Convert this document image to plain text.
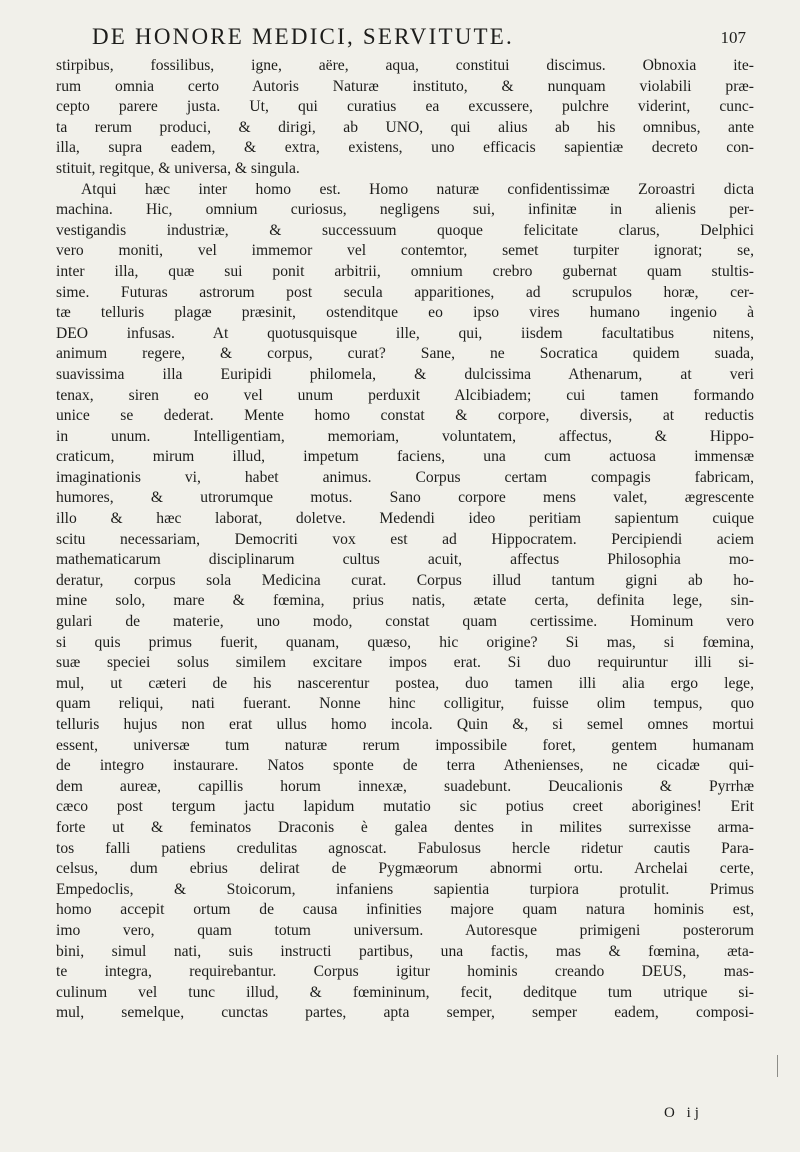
DE HONORE MEDICI, SERVITUTE.	107
stirpibus, fossilibus, igne, aëre, aqua, constitui discimus. Obnoxia ite-
rum omnia certo Autoris Naturæ instituto, & nunquam violabili præ-
cepto parere justa. Ut, qui curatius ea excussere, pulchre viderint, cunc-
ta rerum produci, & dirigi, ab UNO, qui alius ab his omnibus, ante
illa, supra eadem, & extra, existens, uno efficacis sapientiæ decreto con-
stituit, regitque, & universa, & singula.
Atqui hæc inter homo est. Homo naturæ confidentissimæ Zoroastri dicta
machina. Hic, omnium curiosus, negligens sui, infinitæ in alienis per-
vestigandis industriæ, & successuum quoque felicitate clarus, Delphici
vero moniti, vel immemor vel contemtor, semet turpiter ignorat; se,
inter illa, quæ sui ponit arbitrii, omnium crebro gubernat quam stultis-
sime. Futuras astrorum post secula apparitiones, ad scrupulos horæ, cer-
tæ telluris plagæ præsinit, ostenditque eo ipso vires humano ingenio à
DEO infusas. At quotusquisque ille, qui, iisdem facultatibus nitens,
animum regere, & corpus, curat? Sane, ne Socratica quidem suada,
suavissima illa Euripidi philomela, & dulcissima Athenarum, at veri
tenax, siren eo vel unum perduxit Alcibiadem; cui tamen formando
unice se dederat. Mente homo constat & corpore, diversis, at reductis
in unum. Intelligentiam, memoriam, voluntatem, affectus, & Hippo-
craticum, mirum illud, impetum faciens, una cum actuosa immensæ
imaginationis vi, habet animus. Corpus certam compagis fabricam,
humores, & utrorumque motus. Sano corpore mens valet, ægrescente
illo & hæc laborat, doletve. Medendi ideo peritiam sapientum cuique
scitu necessariam, Democriti vox est ad Hippocratem. Percipiendi aciem
mathematicarum disciplinarum cultus acuit, affectus Philosophia mo-
deratur, corpus sola Medicina curat. Corpus illud tantum gigni ab ho-
mine solo, mare & fœmina, prius natis, ætate certa, definita lege, sin-
gulari de materie, uno modo, constat quam certissime. Hominum vero
si quis primus fuerit, quanam, quæso, hic origine? Si mas, si fœmina,
suæ speciei solus similem excitare impos erat. Si duo requiruntur illi si-
mul, ut cæteri de his nascerentur postea, duo tamen illi alia ergo lege,
quam reliqui, nati fuerant. Nonne hinc colligitur, fuisse olim tempus, quo
telluris hujus non erat ullus homo incola. Quin &, si semel omnes mortui
essent, universæ tum naturæ rerum impossibile foret, gentem humanam
de integro instaurare. Natos sponte de terra Athenienses, ne cicadæ qui-
dem aureæ, capillis horum innexæ, suadebunt. Deucalionis & Pyrrhæ
cæco post tergum jactu lapidum mutatio sic potius creet aborigines! Erit
forte ut & feminatos Draconis è galea dentes in milites surrexisse arma-
tos falli patiens credulitas agnoscat. Fabulosus hercle ridetur cautis Para-
celsus, dum ebrius delirat de Pygmæorum abnormi ortu. Archelai certe,
Empedoclis, & Stoicorum, infaniens sapientia turpiora protulit. Primus
homo accepit ortum de causa infinities majore quam natura hominis est,
imo vero, quam totum universum. Autoresque primigeni posterorum
bini, simul nati, suis instructi partibus, una factis, mas & fœmina, æta-
te integra, requirebantur. Corpus igitur hominis creando DEUS, mas-
culinum vel tunc illud, & fœmininum, fecit, deditque tum utrique si-
mul, semelque, cunctas partes, apta semper, semper eadem, composi-
O ij
